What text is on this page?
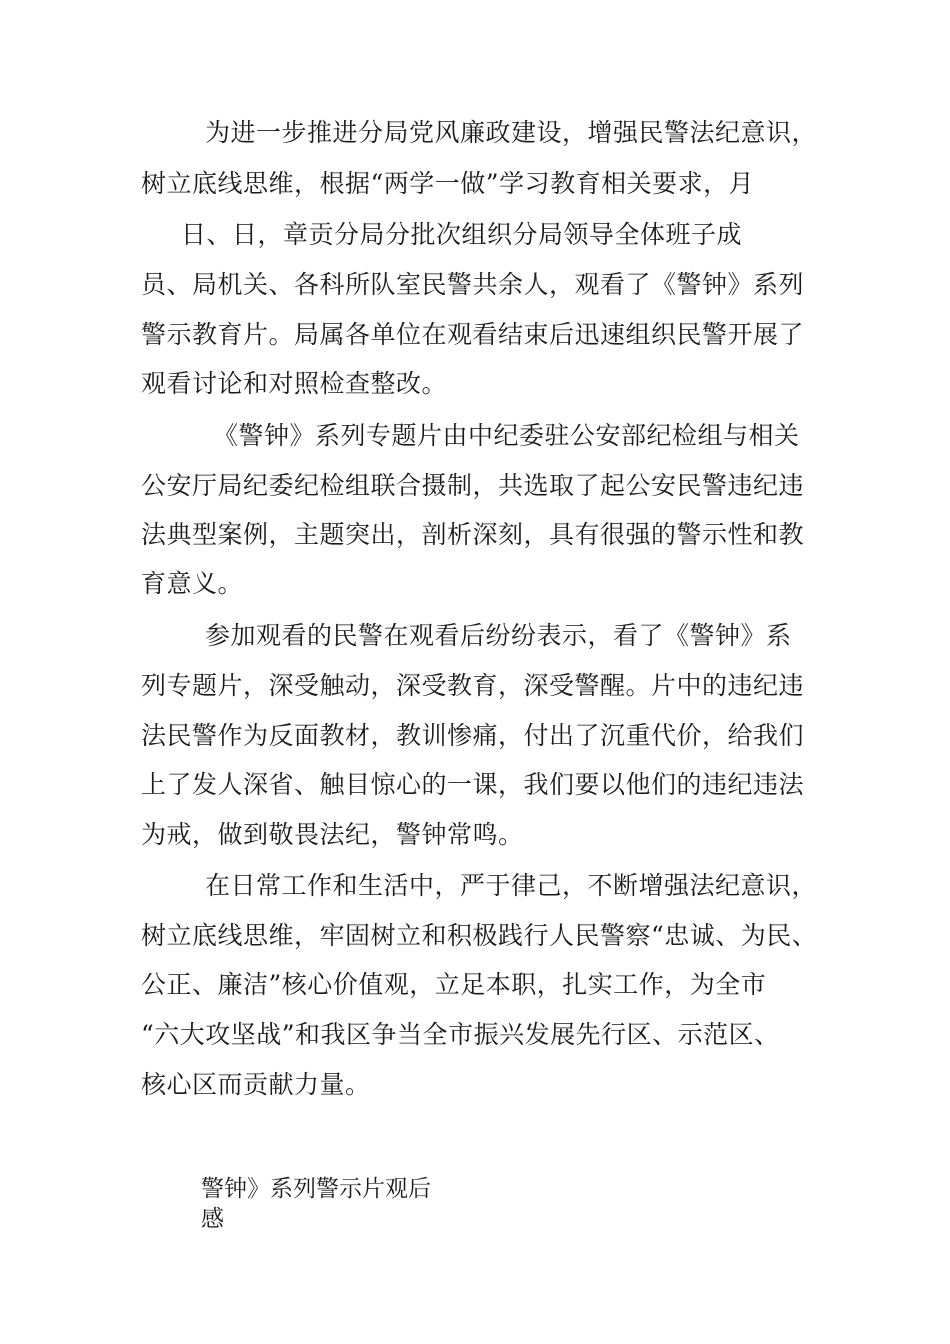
为进一步推进分局党风廉政建设，增强民警法纪意识，
树立底线思维，根据“两学一做”学习教育相关要求，月
日、日，章贡分局分批次组织分局领导全体班子成
员、局机关、各科所队室民警共余人，观看了《警钟》系列
警示教育片。局属各单位在观看结束后迅速组织民警开展了
观看讨论和对照检查整改。
《警钟》系列专题片由中纪委驻公安部纪检组与相关
公安厅局纪委纪检组联合摄制，共选取了起公安民警违纪违
法典型案例，主题突出，剖析深刻，具有很强的警示性和教
育意义。
参加观看的民警在观看后纷纷表示，看了《警钟》系
列专题片，深受触动，深受教育，深受警醒。片中的违纪违
法民警作为反面教材，教训惨痛，付出了沉重代价，给我们
上了发人深省、触目惊心的一课，我们要以他们的违纪违法
为戒，做到敬畏法纪，警钟常鸣。
在日常工作和生活中，严于律己，不断增强法纪意识，
树立底线思维，牢固树立和积极践行人民警察“忠诚、为民、
公正、廉洁”核心价值观，立足本职，扎实工作，为全市
“六大攻坚战”和我区争当全市振兴发展先行区、示范区、
核心区而贡献力量。
警钟》系列警示片观后
感
